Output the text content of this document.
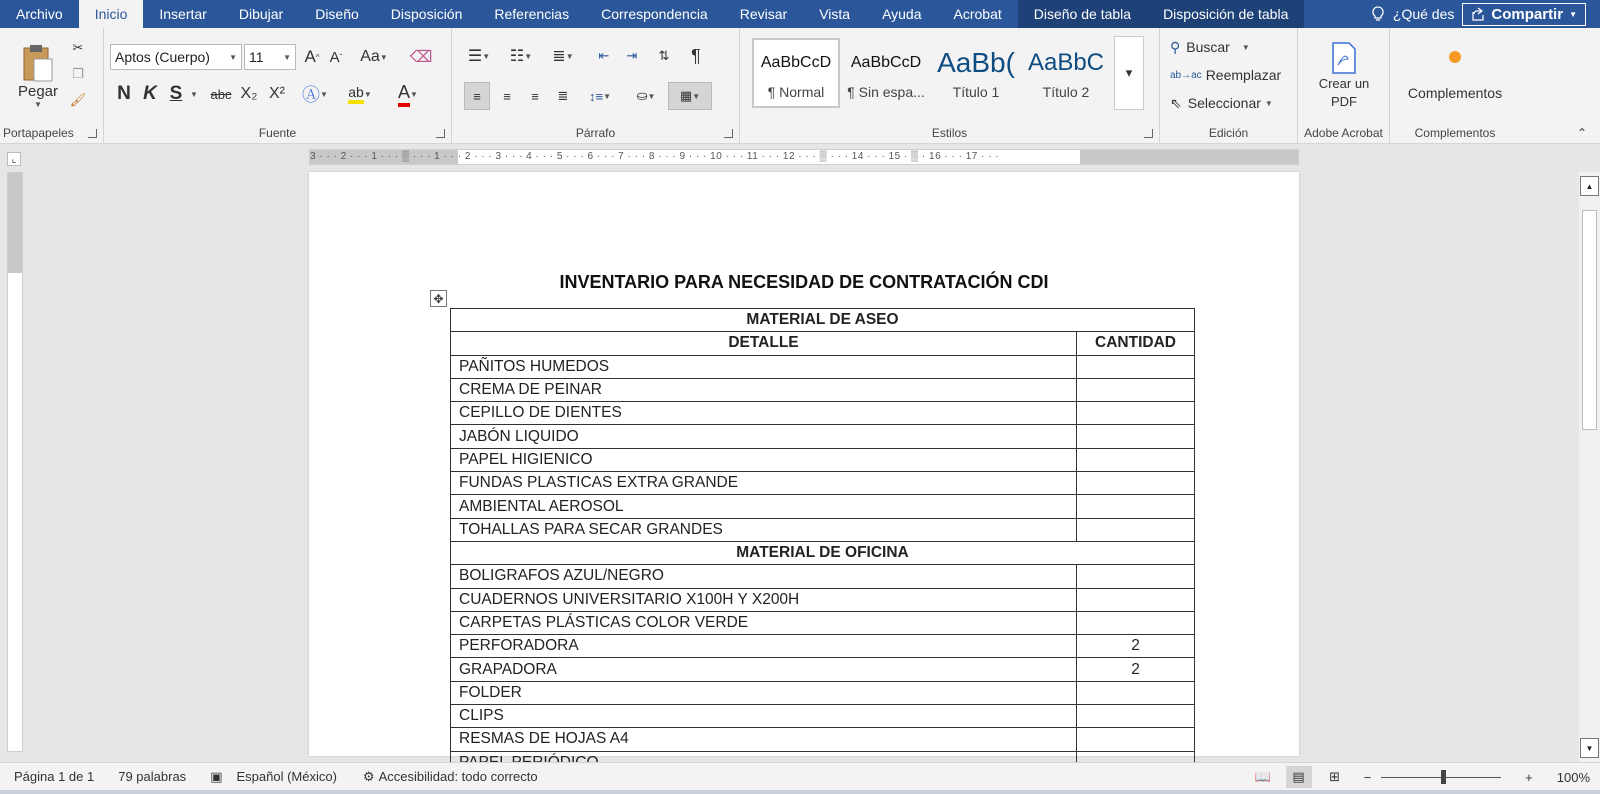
Archivo	Inicio	Insertar	Dibujar	Diseño	Disposición	Referencias	Correspondencia	Revisar	Vista	Ayuda	Acrobat	Diseño de tabla	Disposición de tabla	¿Qué des Compartir ▼
Pegar
▼
✂
❐
🖌
Portapapeles
Aptos (Cuerpo) ▼ 11 ▼ A ^ A ˇ Aa ▼ ⌫
N K S ▼ abc X₂ X² Ⓐ ▼ ab ▼ A ▼
Fuente
☰ ▼	☷ ▼	≣ ▼	⇤	⇥	⇅	¶
≡	≡	≡	≣	↕≡ ▼	⛀ ▼	▦ ▼
Párrafo
AaBbCcD
¶ Normal
AaBbCcD
¶ Sin espa...
AaBb(
Título 1
AaBbC
Título 2
▾
Estilos
⚲ Buscar ▼
ab→ac Reemplazar
⇖ Seleccionar ▼
Edición
Crear un PDF
Adobe Acrobat
Complementos
Complementos	⌃
⌞	3 · · · 2 · · · 1 · · · ▒ · · · 1 · · · 2 · · · 3 · · · 4 · · · 5 · · · 6 · · · 7 · · · 8 · · · 9 · · · 10 · · · 11 · · · 12 · · · ▒ · · · 14 · · · 15 · ▒ · 16 · · · 17 · · ·
INVENTARIO PARA NECESIDAD DE CONTRATACIÓN CDI
✥
MATERIAL DE ASEO	
DETALLE	CANTIDAD
PAÑITOS HUMEDOS	
CREMA DE PEINAR	
CEPILLO DE DIENTES	
JABÓN LIQUIDO	
PAPEL HIGIENICO	
FUNDAS PLASTICAS EXTRA GRANDE	
AMBIENTAL AEROSOL	
TOHALLAS PARA SECAR GRANDES	
MATERIAL DE OFICINA	
BOLIGRAFOS AZUL/NEGRO	
CUADERNOS UNIVERSITARIO X100H Y X200H	
CARPETAS PLÁSTICAS COLOR VERDE	
PERFORADORA	2
GRAPADORA	2
FOLDER	
CLIPS	
RESMAS DE HOJAS A4	

▲
▼
Página 1 de 1 79 palabras ▣ Español (México) ⚙ Accesibilidad: todo correcto	📖	▤	⊞	−	+ 100%
